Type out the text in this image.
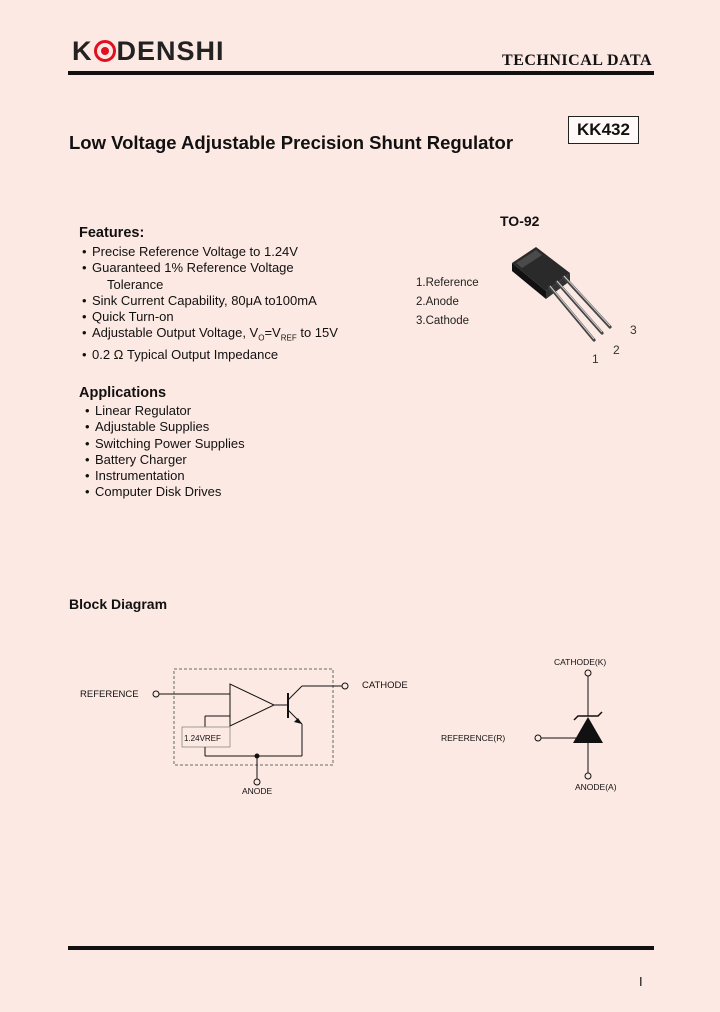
K DENSHI	TECHNICAL DATA
Low Voltage Adjustable Precision Shunt Regulator
KK432
Features:
• Precise Reference Voltage to 1.24V
• Guaranteed 1% Reference Voltage
Tolerance
• Sink Current Capability, 80μA to100mA
• Quick Turn-on
• Adjustable Output Voltage, $V_O=V_{REF}$ to 15V
• 0.2 Ω Typical Output Impedance
Applications
• Linear Regulator
• Adjustable Supplies
• Switching Power Supplies
• Battery Charger
• Instrumentation
• Computer Disk Drives
TO-92
1.Reference
2.Anode
3.Cathode
1
2
3
Block Diagram
REFERENCE
CATHODE
1.24VREF
ANODE
CATHODE(K)
REFERENCE(R)
ANODE(A)
I
